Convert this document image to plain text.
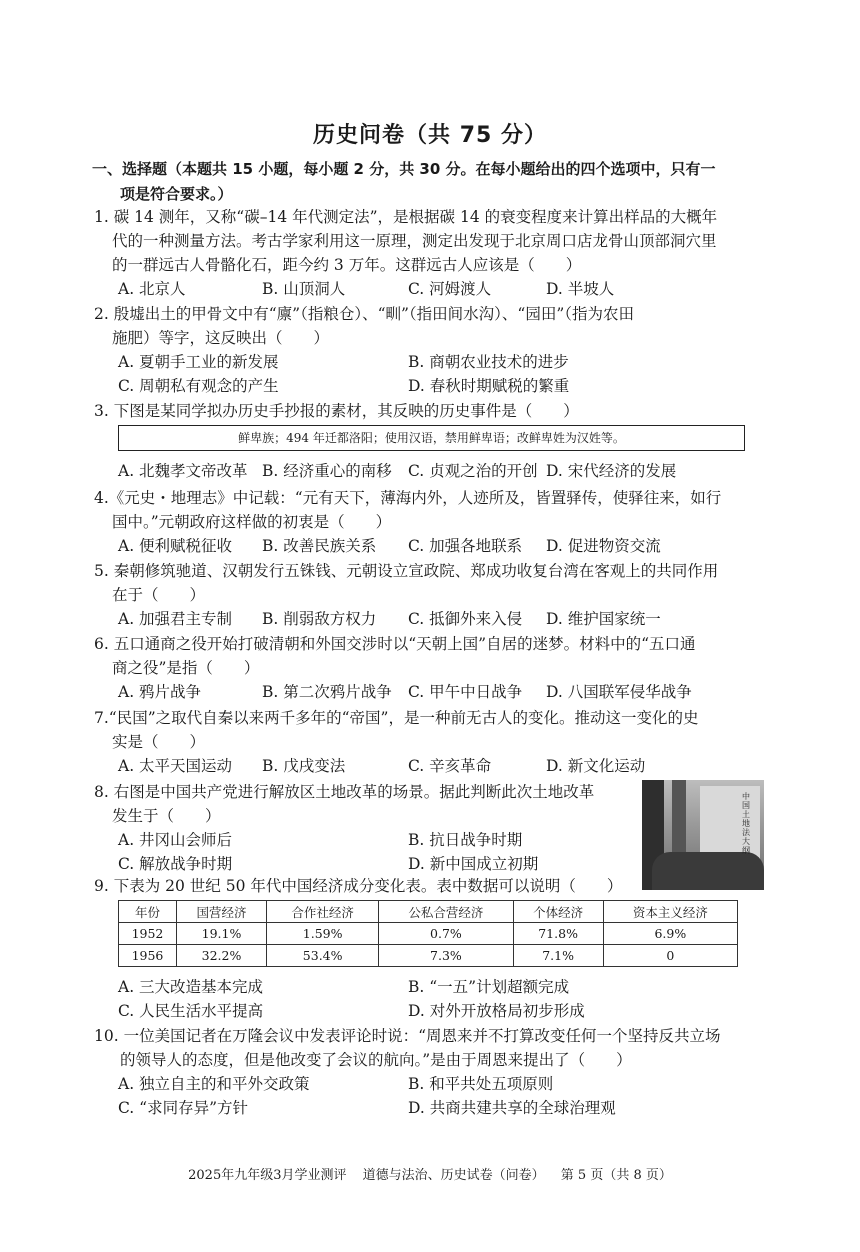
历史问卷（共 75 分）
一、选择题（本题共 15 小题，每小题 2 分，共 30 分。在每小题给出的四个选项中，只有一
项是符合要求。）
1. 碳 14 测年，又称“碳–14 年代测定法”，是根据碳 14 的衰变程度来计算出样品的大概年
代的一种测量方法。考古学家利用这一原理，测定出发现于北京周口店龙骨山顶部洞穴里
的一群远古人骨骼化石，距今约 3 万年。这群远古人应该是（　　）
A. 北京人	B. 山顶洞人	C. 河姆渡人	D. 半坡人
2. 殷墟出土的甲骨文中有“廪”（指粮仓）、“甽”（指田间水沟）、“园田”（指为农田
施肥）等字，这反映出（　　）
A. 夏朝手工业的新发展	B. 商朝农业技术的进步
C. 周朝私有观念的产生	D. 春秋时期赋税的繁重
3. 下图是某同学拟办历史手抄报的素材，其反映的历史事件是（　　）
鲜卑族；494 年迁都洛阳；使用汉语，禁用鲜卑语；改鲜卑姓为汉姓等。
A. 北魏孝文帝改革 B. 经济重心的南移 C. 贞观之治的开创 D. 宋代经济的发展
4.《元史・地理志》中记载：“元有天下，薄海内外，人迹所及，皆置驿传，使驿往来，如行
国中。”元朝政府这样做的初衷是（　　）
A. 便利赋税征收 B. 改善民族关系 C. 加强各地联系 D. 促进物资交流
5. 秦朝修筑驰道、汉朝发行五铢钱、元朝设立宣政院、郑成功收复台湾在客观上的共同作用
在于（　　）
A. 加强君主专制 B. 削弱敌方权力 C. 抵御外来入侵 D. 维护国家统一
6. 五口通商之役开始打破清朝和外国交涉时以“天朝上国”自居的迷梦。材料中的“五口通
商之役”是指（　　）
A. 鸦片战争	B. 第二次鸦片战争 C. 甲午中日战争 D. 八国联军侵华战争
7.“民国”之取代自秦以来两千多年的“帝国”，是一种前无古人的变化。推动这一变化的史
实是（　　）
A. 太平天国运动 B. 戊戌变法	C. 辛亥革命	D. 新文化运动
8. 右图是中国共产党进行解放区土地改革的场景。据此判断此次土地改革
发生于（　　）
A. 井冈山会师后	B. 抗日战争时期
C. 解放战争时期	D. 新中国成立初期
中国土地法大纲
9. 下表为 20 世纪 50 年代中国经济成分变化表。表中数据可以说明（　　）
年份	国营经济	合作社经济	公私合营经济	个体经济	资本主义经济
1952	19.1%	1.59%	0.7%	71.8%	6.9%
1956	32.2%	53.4%	7.3%	7.1%	0
A. 三大改造基本完成	B. “一五”计划超额完成
C. 人民生活水平提高	D. 对外开放格局初步形成
10. 一位美国记者在万隆会议中发表评论时说：“周恩来并不打算改变任何一个坚持反共立场
的领导人的态度，但是他改变了会议的航向。”是由于周恩来提出了（　　）
A. 独立自主的和平外交政策	B. 和平共处五项原则
C. “求同存异”方针	D. 共商共建共享的全球治理观
2025年九年级3月学业测评 道德与法治、历史试卷（问卷） 第 5 页（共 8 页）
